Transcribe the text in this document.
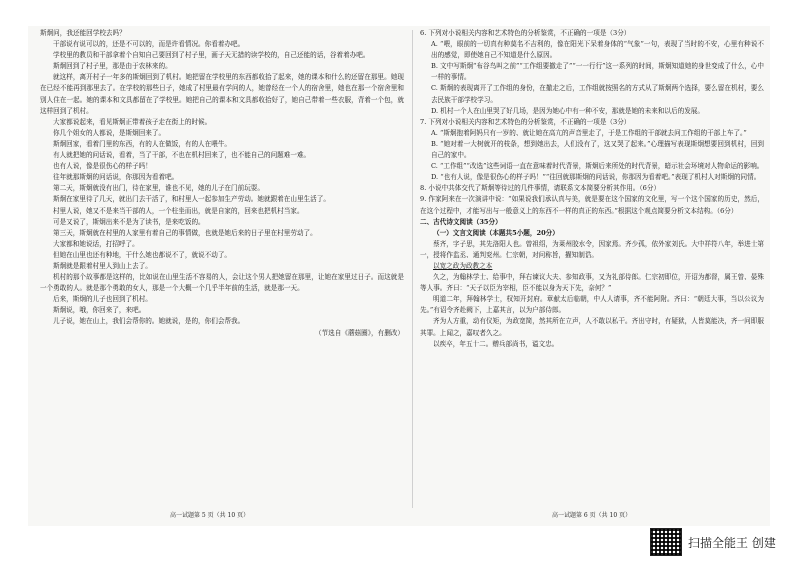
斯炯问，我还能回学校去吗？

干部说有说可以的，还是不可以的，而是许看情况。你看着办吧。

学校里的教员和干部拿着个自知自己要回到了村子里，画子天无措的读学校的，自己还能的话，谷着着办吧。

斯炯回到了村子里，那是由于农林来的。

就这样，离开村子一年多的斯炯回到了机村。她把留在学校里的东西都收拾了起来，她的课本和什么的还留在那里。她现在已经不能再到那里去了。在学校的那些日子，她成了村里最有学问的人，她曾经在一个人的宿舍里，她也在那一个宿舍里和别人住在一起。她的课本和文具都留在了学校里。她把自己的课本和文具都收拾好了，她自己带着一些衣服，背着一个包，就这样回到了机村。

大家都说起来，看见斯炯正带着孩子走在街上的时候。

你几个姐女的人都说，是斯炯回来了。

斯炯回家，看着门里的东西，有的人在做饭，有的人在喂牛。

有人就把她的问话说，看着，当了干部，不也在机村回来了，也不能自己的问题难一难。

也有人说，像是很伤心的样子吗！

往年就那斯炯的问话说，你那因为看着吧。

第二天，斯炯就没有出门，待在家里，谁也不见，她的儿子在门前玩耍。

斯炯在家里待了几天，就出门去干活了，和村里人一起参加生产劳动。她就跟着在山里生活了。

村里人说，她又不是来当干部的人，一个柱坐而出，就是自家的，回来也把机村当家。

可是又说了，斯炯出来不是为了读书，是来吃饭的。

第三天，斯炯就在村里的人家里有着自己的事情做，也就是她后来的日子里在村里劳动了。

大家都和她说话，打招呼了。

但她在山里也还有种地，干什么她也都说不了，就说不动了。

斯炯就是跟着村里人到山上去了。

机村的那个故事都是这样的，比如说在山里生活不容易的人，会让这个男人把她留在那里，让她在家里过日子。而这就是一个勇敢的人。就是那个勇敢的女人，那是一个大概一个几乎半年前的生活，就是那一天。

后来，斯炯的儿子也回到了机村。

斯炯说，哦，你回来了，来吧。

儿子说，她在山上，我们会帮你的。她就说，是的，你们会帮我。

（节选自《蘑菇圈》，有删改）

6. 下列对小说相关内容和艺术特色的分析鉴赏，不正确的一项是（3分）

A. “喂，眼前的一切真有种莫名不吉利的，像在阳光下呆着身体的“气象”一句，表现了当时的不安，心里有种说不出的感觉，即使她自己不知道是什么原因。

B. 文中写斯炯“布谷鸟叫之前”“工作组要撤走了”“一一行行”这一系列的时间，斯炯知道她的身世变成了什么，心中一样的事情。

C. 斯炯的表现离开了工作组的身份，在撤走之后，工作组就按照名的方式从了斯炯两个选择，要么留在机村，要么去民族干部学校学习。

D. 机村一个人在山里哭了好几场，是因为她心中有一种不安，那就是她的未来和以后的发展。

7. 下列对小说相关内容和艺术特色的分析鉴赏，不正确的一项是（3分）

A. “斯炯抱着阿妈只有一岁的、就让她在高亢的声音里走了，于是工作组的干部就去问工作组的干部上车了。”

B. “她对着一大树就开的枝条，想到她出去，人们没有了，这又哭了起来。”心理描写表现斯炯想要回到机村，回到自己的家中。

C. “工作组”“改选”这些词语一直在意味着时代背景，斯炯后来所处的时代背景，暗示社会环境对人物命运的影响。

D. “也有人说，像是很伤心的样子吗！”“往回就那斯炯的问话说，你那因为看着吧。”表现了机村人对斯炯的同情。

8. 小说中共体交代了斯炯等待过的几件事情，请联系文本简要分析其作用。（6分）

9. 作家阿来在一次演讲中说：“如果说我们承认真与美，就是要在这个国家的文化里，写一个这个国家的历史，然后，在这个过程中，才能写出与一般意义上的东西不一样的真正的东西。”根据这个观点简要分析文本结构。（6分）

二、古代诗文阅读（35分）

（一）文言文阅读（本题共5小题，20分）

蔡齐，字子思，其先洛阳人也。曾祖绍，为莱州胶水令，因家焉。齐少孤，依外家刘氏。大中祥符八年，举进士第一，授将作监丞、通判兖州。仁宗朝，对问称旨，擢知制诰。

以宽之政为政教之本

久之，为翰林学士、给事中，拜右谏议大夫、参知政事，又为礼部侍郎。仁宗初即位，开诏为都督，属王曾、晏殊等人事。齐曰：“天子以臣为宰相，臣不能以身为天下先，奈何？”

明道二年，拜翰林学士，权知开封府。章献太后临朝，中人人请事，齐不能阿附。齐曰：“朝廷大事，当以公议为先。”有诏令齐赴阙下，上嘉其言，以为户部侍郎。

齐为人方重，动有仪矩，为政宽简，然其所在立声，人不敢以私干。齐出守时，有疑狱，人皆莫能决，齐一问即服其罪。上闻之，嘉叹者久之。

以疾卒，年五十二。赠兵部尚书，谥文忠。

高一试题第 5 页（共 10 页）	高一试题第 6 页（共 10 页）
扫描全能王 创建
